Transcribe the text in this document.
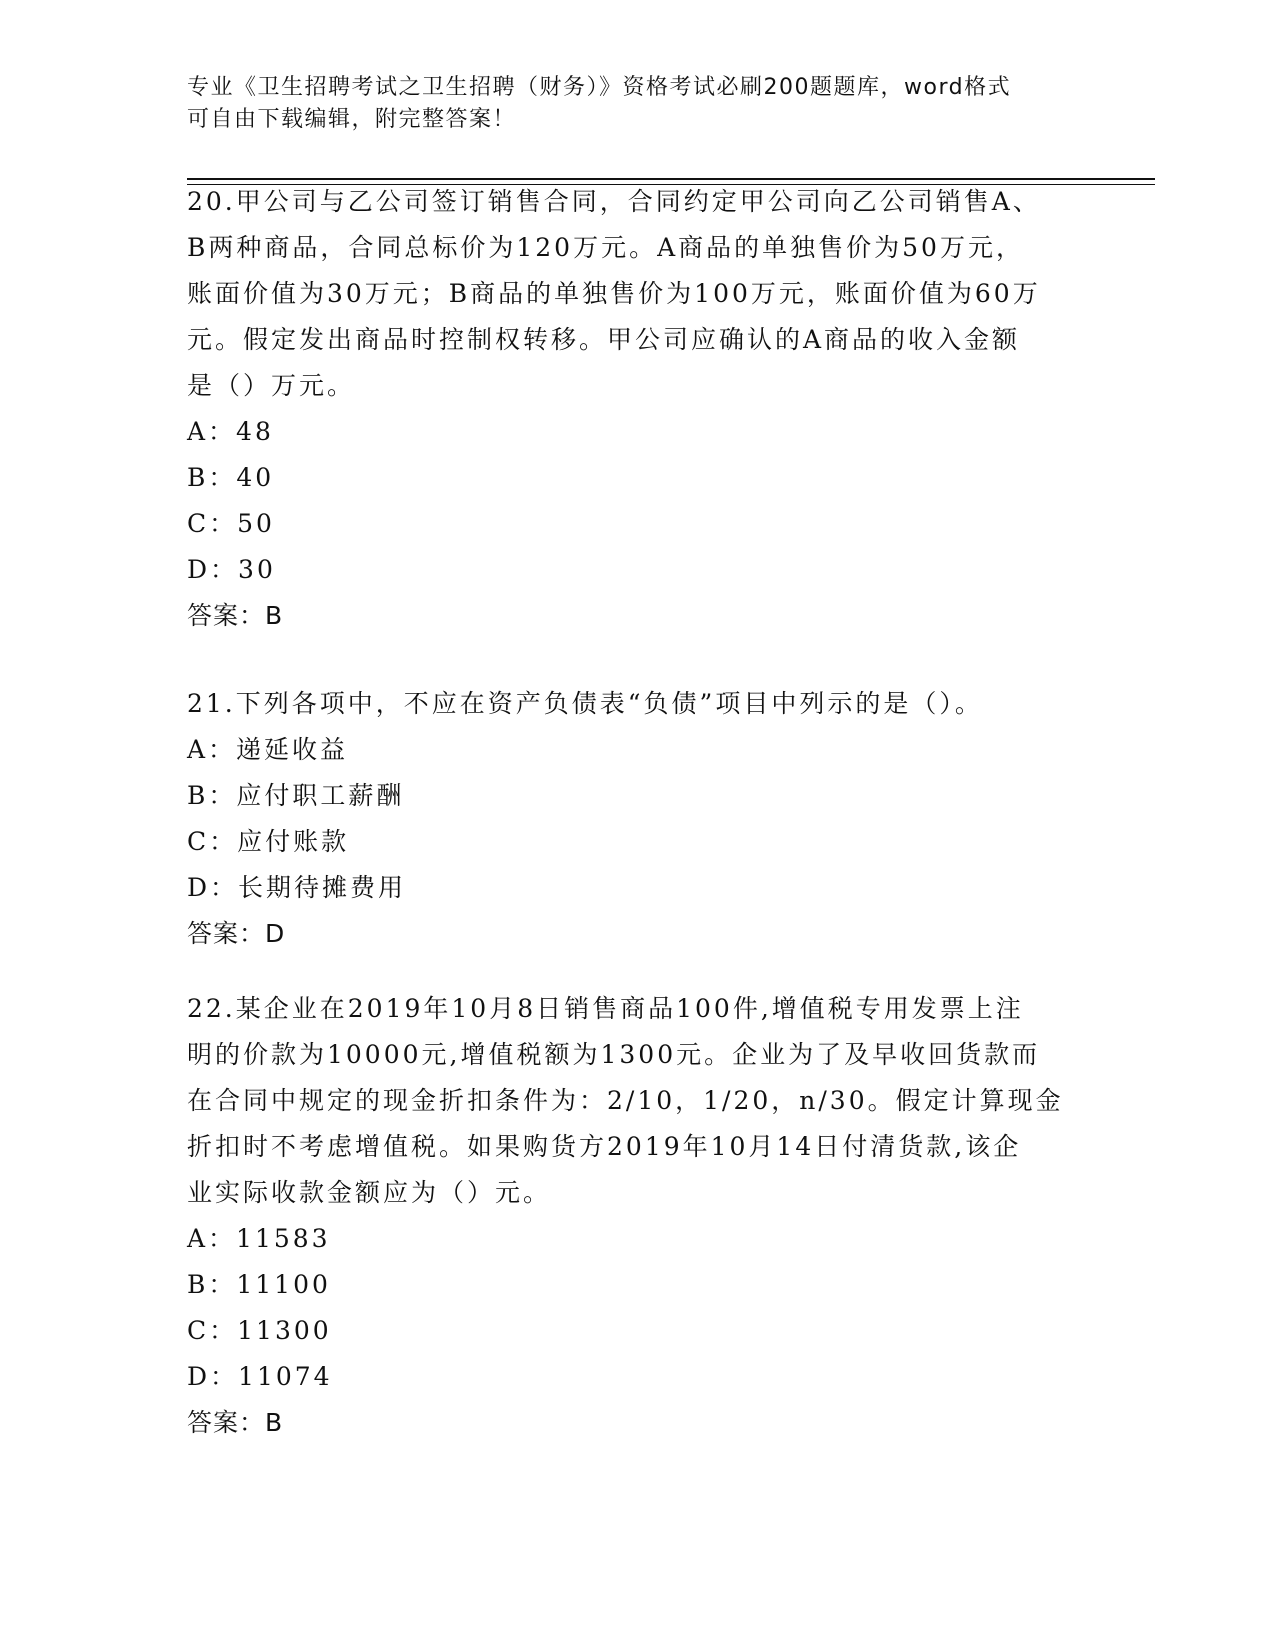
专业《卫生招聘考试之卫生招聘（财务）》资格考试必刷200题题库，word格式
可自由下载编辑，附完整答案！
20.甲公司与乙公司签订销售合同，合同约定甲公司向乙公司销售A、
B两种商品，合同总标价为120万元。A商品的单独售价为50万元，
账面价值为30万元；B商品的单独售价为100万元，账面价值为60万
元。假定发出商品时控制权转移。甲公司应确认的A商品的收入金额
是（）万元。
A：48
B：40
C：50
D：30
答案：B
21.下列各项中，不应在资产负债表“负债”项目中列示的是（）。
A：递延收益
B：应付职工薪酬
C：应付账款
D：长期待摊费用
答案：D
22.某企业在2019年10月8日销售商品100件,增值税专用发票上注
明的价款为10000元,增值税额为1300元。企业为了及早收回货款而
在合同中规定的现金折扣条件为：2/10，1/20，n/30。假定计算现金
折扣时不考虑增值税。如果购货方2019年10月14日付清货款,该企
业实际收款金额应为（）元。
A：11583
B：11100
C：11300
D：11074
答案：B
